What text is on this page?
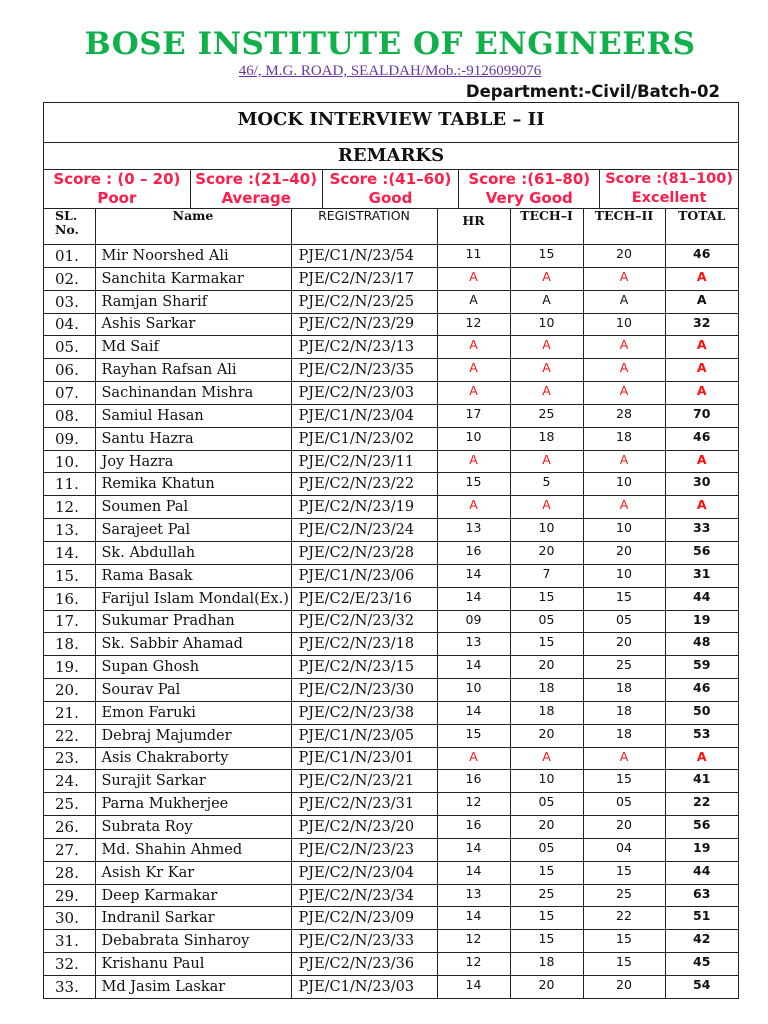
BOSE INSTITUTE OF ENGINEERS
46/, M.G. ROAD, SEALDAH/Mob.:-9126099076
Department:-Civil/Batch-02
MOCK INTERVIEW TABLE – II
REMARKS
Score : (0 – 20)
Poor
Score :(21–40)
Average
Score :(41–60)
Good
Score :(61–80)
Very Good
Score :(81–100)
Excellent
SL. No.	Name	REGISTRATION	HR	TECH–I	TECH–II	TOTAL
01.	Mir Noorshed Ali	PJE/C1/N/23/54	11	15	20	46
02.	Sanchita Karmakar	PJE/C2/N/23/17	A	A	A	A
03.	Ramjan Sharif	PJE/C2/N/23/25	A	A	A	A
04.	Ashis Sarkar	PJE/C2/N/23/29	12	10	10	32
05.	Md Saif	PJE/C2/N/23/13	A	A	A	A
06.	Rayhan Rafsan Ali	PJE/C2/N/23/35	A	A	A	A
07.	Sachinandan Mishra	PJE/C2/N/23/03	A	A	A	A
08.	Samiul Hasan	PJE/C1/N/23/04	17	25	28	70
09.	Santu Hazra	PJE/C1/N/23/02	10	18	18	46
10.	Joy Hazra	PJE/C2/N/23/11	A	A	A	A
11.	Remika Khatun	PJE/C2/N/23/22	15	5	10	30
12.	Soumen Pal	PJE/C2/N/23/19	A	A	A	A
13.	Sarajeet Pal	PJE/C2/N/23/24	13	10	10	33
14.	Sk. Abdullah	PJE/C2/N/23/28	16	20	20	56
15.	Rama Basak	PJE/C1/N/23/06	14	7	10	31
16.	Farijul Islam Mondal(Ex.)	PJE/C2/E/23/16	14	15	15	44
17.	Sukumar Pradhan	PJE/C2/N/23/32	09	05	05	19
18.	Sk. Sabbir Ahamad	PJE/C2/N/23/18	13	15	20	48
19.	Supan Ghosh	PJE/C2/N/23/15	14	20	25	59
20.	Sourav Pal	PJE/C2/N/23/30	10	18	18	46
21.	Emon Faruki	PJE/C2/N/23/38	14	18	18	50
22.	Debraj Majumder	PJE/C1/N/23/05	15	20	18	53
23.	Asis Chakraborty	PJE/C1/N/23/01	A	A	A	A
24.	Surajit Sarkar	PJE/C2/N/23/21	16	10	15	41
25.	Parna Mukherjee	PJE/C2/N/23/31	12	05	05	22
26.	Subrata Roy	PJE/C2/N/23/20	16	20	20	56
27.	Md. Shahin Ahmed	PJE/C2/N/23/23	14	05	04	19
28.	Asish Kr Kar	PJE/C2/N/23/04	14	15	15	44
29.	Deep Karmakar	PJE/C2/N/23/34	13	25	25	63
30.	Indranil Sarkar	PJE/C2/N/23/09	14	15	22	51
31.	Debabrata Sinharoy	PJE/C2/N/23/33	12	15	15	42
32.	Krishanu Paul	PJE/C2/N/23/36	12	18	15	45
33.	Md Jasim Laskar	PJE/C1/N/23/03	14	20	20	54
